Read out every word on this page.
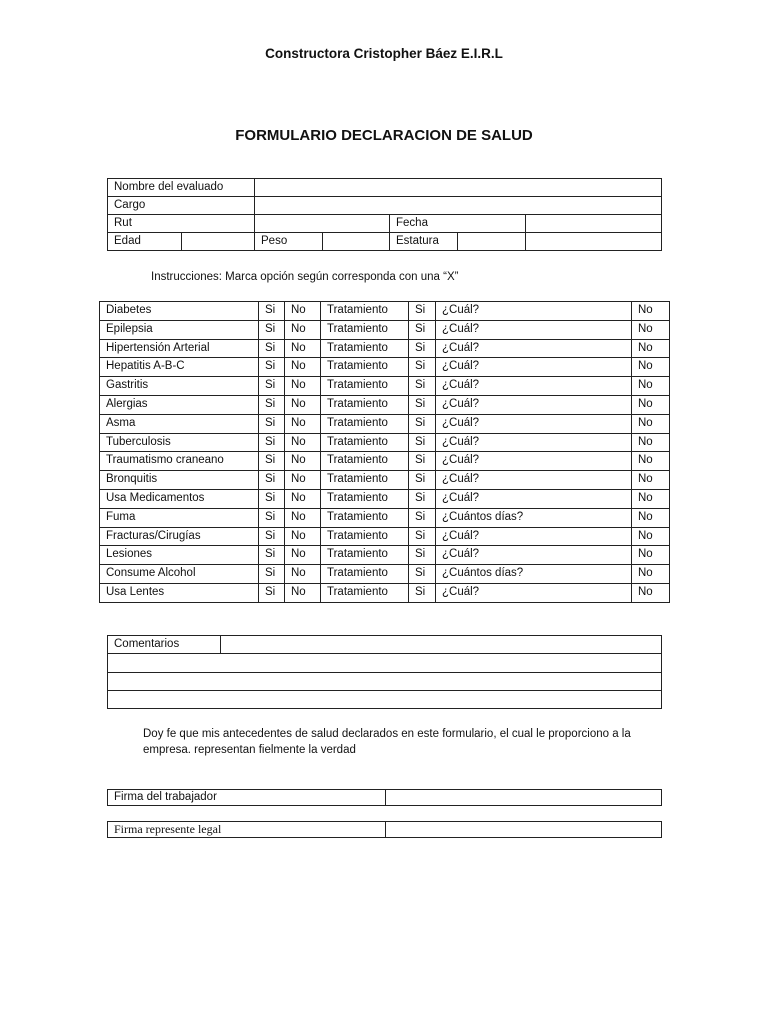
Constructora Cristopher Báez E.I.R.L
FORMULARIO DECLARACION DE SALUD
Nombre del evaluado						
Cargo						
Rut				Fecha		
Edad		Peso		Estatura		
Instrucciones: Marca opción según corresponda con una “X”
Diabetes	Si	No	Tratamiento	Si	¿Cuál?	No
Epilepsia	Si	No	Tratamiento	Si	¿Cuál?	No
Hipertensión Arterial	Si	No	Tratamiento	Si	¿Cuál?	No
Hepatitis A-B-C	Si	No	Tratamiento	Si	¿Cuál?	No
Gastritis	Si	No	Tratamiento	Si	¿Cuál?	No
Alergias	Si	No	Tratamiento	Si	¿Cuál?	No
Asma	Si	No	Tratamiento	Si	¿Cuál?	No
Tuberculosis	Si	No	Tratamiento	Si	¿Cuál?	No
Traumatismo craneano	Si	No	Tratamiento	Si	¿Cuál?	No
Bronquitis	Si	No	Tratamiento	Si	¿Cuál?	No
Usa Medicamentos	Si	No	Tratamiento	Si	¿Cuál?	No
Fuma	Si	No	Tratamiento	Si	¿Cuántos días?	No
Fracturas/Cirugías	Si	No	Tratamiento	Si	¿Cuál?	No
Lesiones	Si	No	Tratamiento	Si	¿Cuál?	No
Consume Alcohol	Si	No	Tratamiento	Si	¿Cuántos días?	No
Usa Lentes	Si	No	Tratamiento	Si	¿Cuál?	No
Comentarios	

Doy fe que mis antecedentes de salud declarados en este formulario, el cual le proporciono a la empresa. representan fielmente la verdad
Firma del trabajador	
Firma represente legal	
